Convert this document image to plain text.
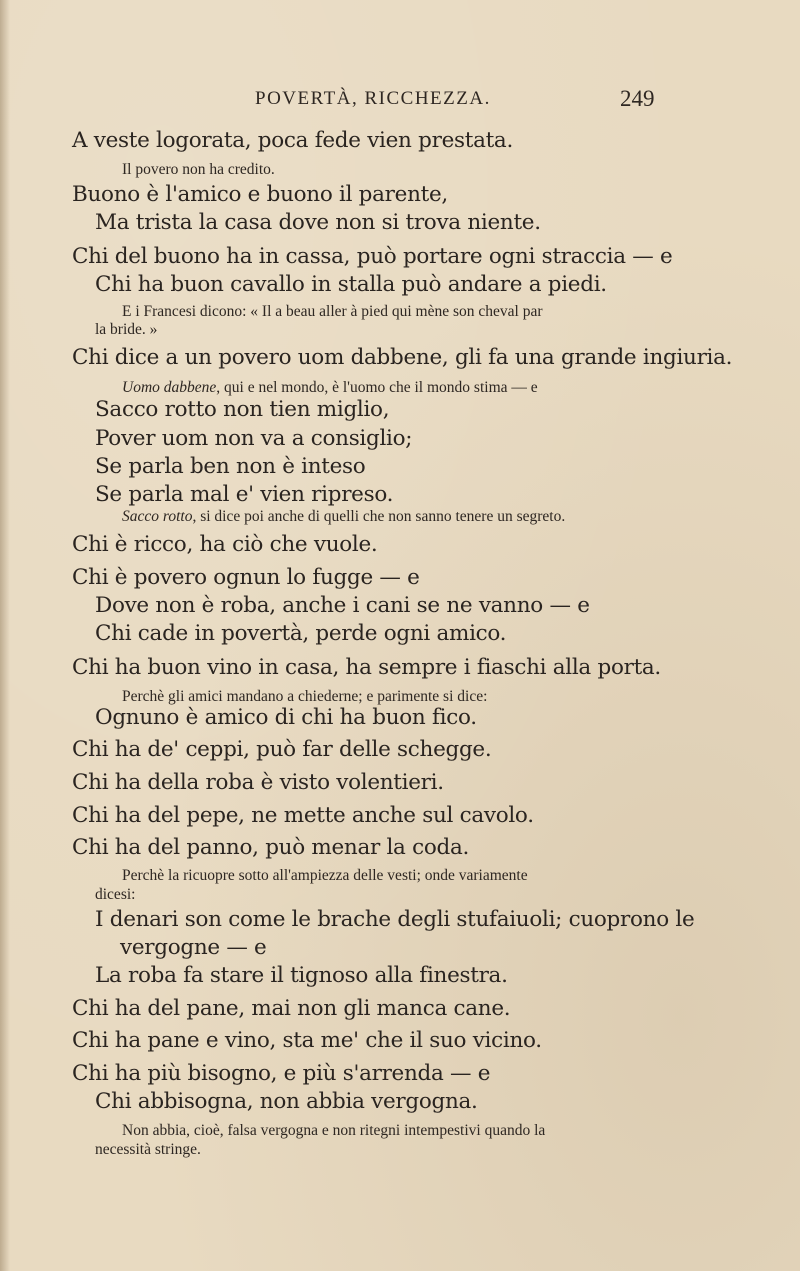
POVERTÀ, RICCHEZZA.	249
A veste logorata, poca fede vien prestata.
Il povero non ha credito.
Buono è l'amico e buono il parente,
Ma trista la casa dove non si trova niente.
Chi del buono ha in cassa, può portare ogni straccia — e
Chi ha buon cavallo in stalla può andare a piedi.
E i Francesi dicono: « Il a beau aller à pied qui mène son cheval par
la bride. »
Chi dice a un povero uom dabbene, gli fa una grande ingiuria.
Uomo dabbene, qui e nel mondo, è l'uomo che il mondo stima — e
Sacco rotto non tien miglio,
Pover uom non va a consiglio;
Se parla ben non è inteso
Se parla mal e' vien ripreso.
Sacco rotto, si dice poi anche di quelli che non sanno tenere un segreto.
Chi è ricco, ha ciò che vuole.
Chi è povero ognun lo fugge — e
Dove non è roba, anche i cani se ne vanno — e
Chi cade in povertà, perde ogni amico.
Chi ha buon vino in casa, ha sempre i fiaschi alla porta.
Perchè gli amici mandano a chiederne; e parimente si dice:
Ognuno è amico di chi ha buon fico.
Chi ha de' ceppi, può far delle schegge.
Chi ha della roba è visto volentieri.
Chi ha del pepe, ne mette anche sul cavolo.
Chi ha del panno, può menar la coda.
Perchè la ricuopre sotto all'ampiezza delle vesti; onde variamente
dicesi:
I denari son come le brache degli stufaiuoli; cuoprono le
vergogne — e
La roba fa stare il tignoso alla finestra.
Chi ha del pane, mai non gli manca cane.
Chi ha pane e vino, sta me' che il suo vicino.
Chi ha più bisogno, e più s'arrenda — e
Chi abbisogna, non abbia vergogna.
Non abbia, cioè, falsa vergogna e non ritegni intempestivi quando la
necessità stringe.
